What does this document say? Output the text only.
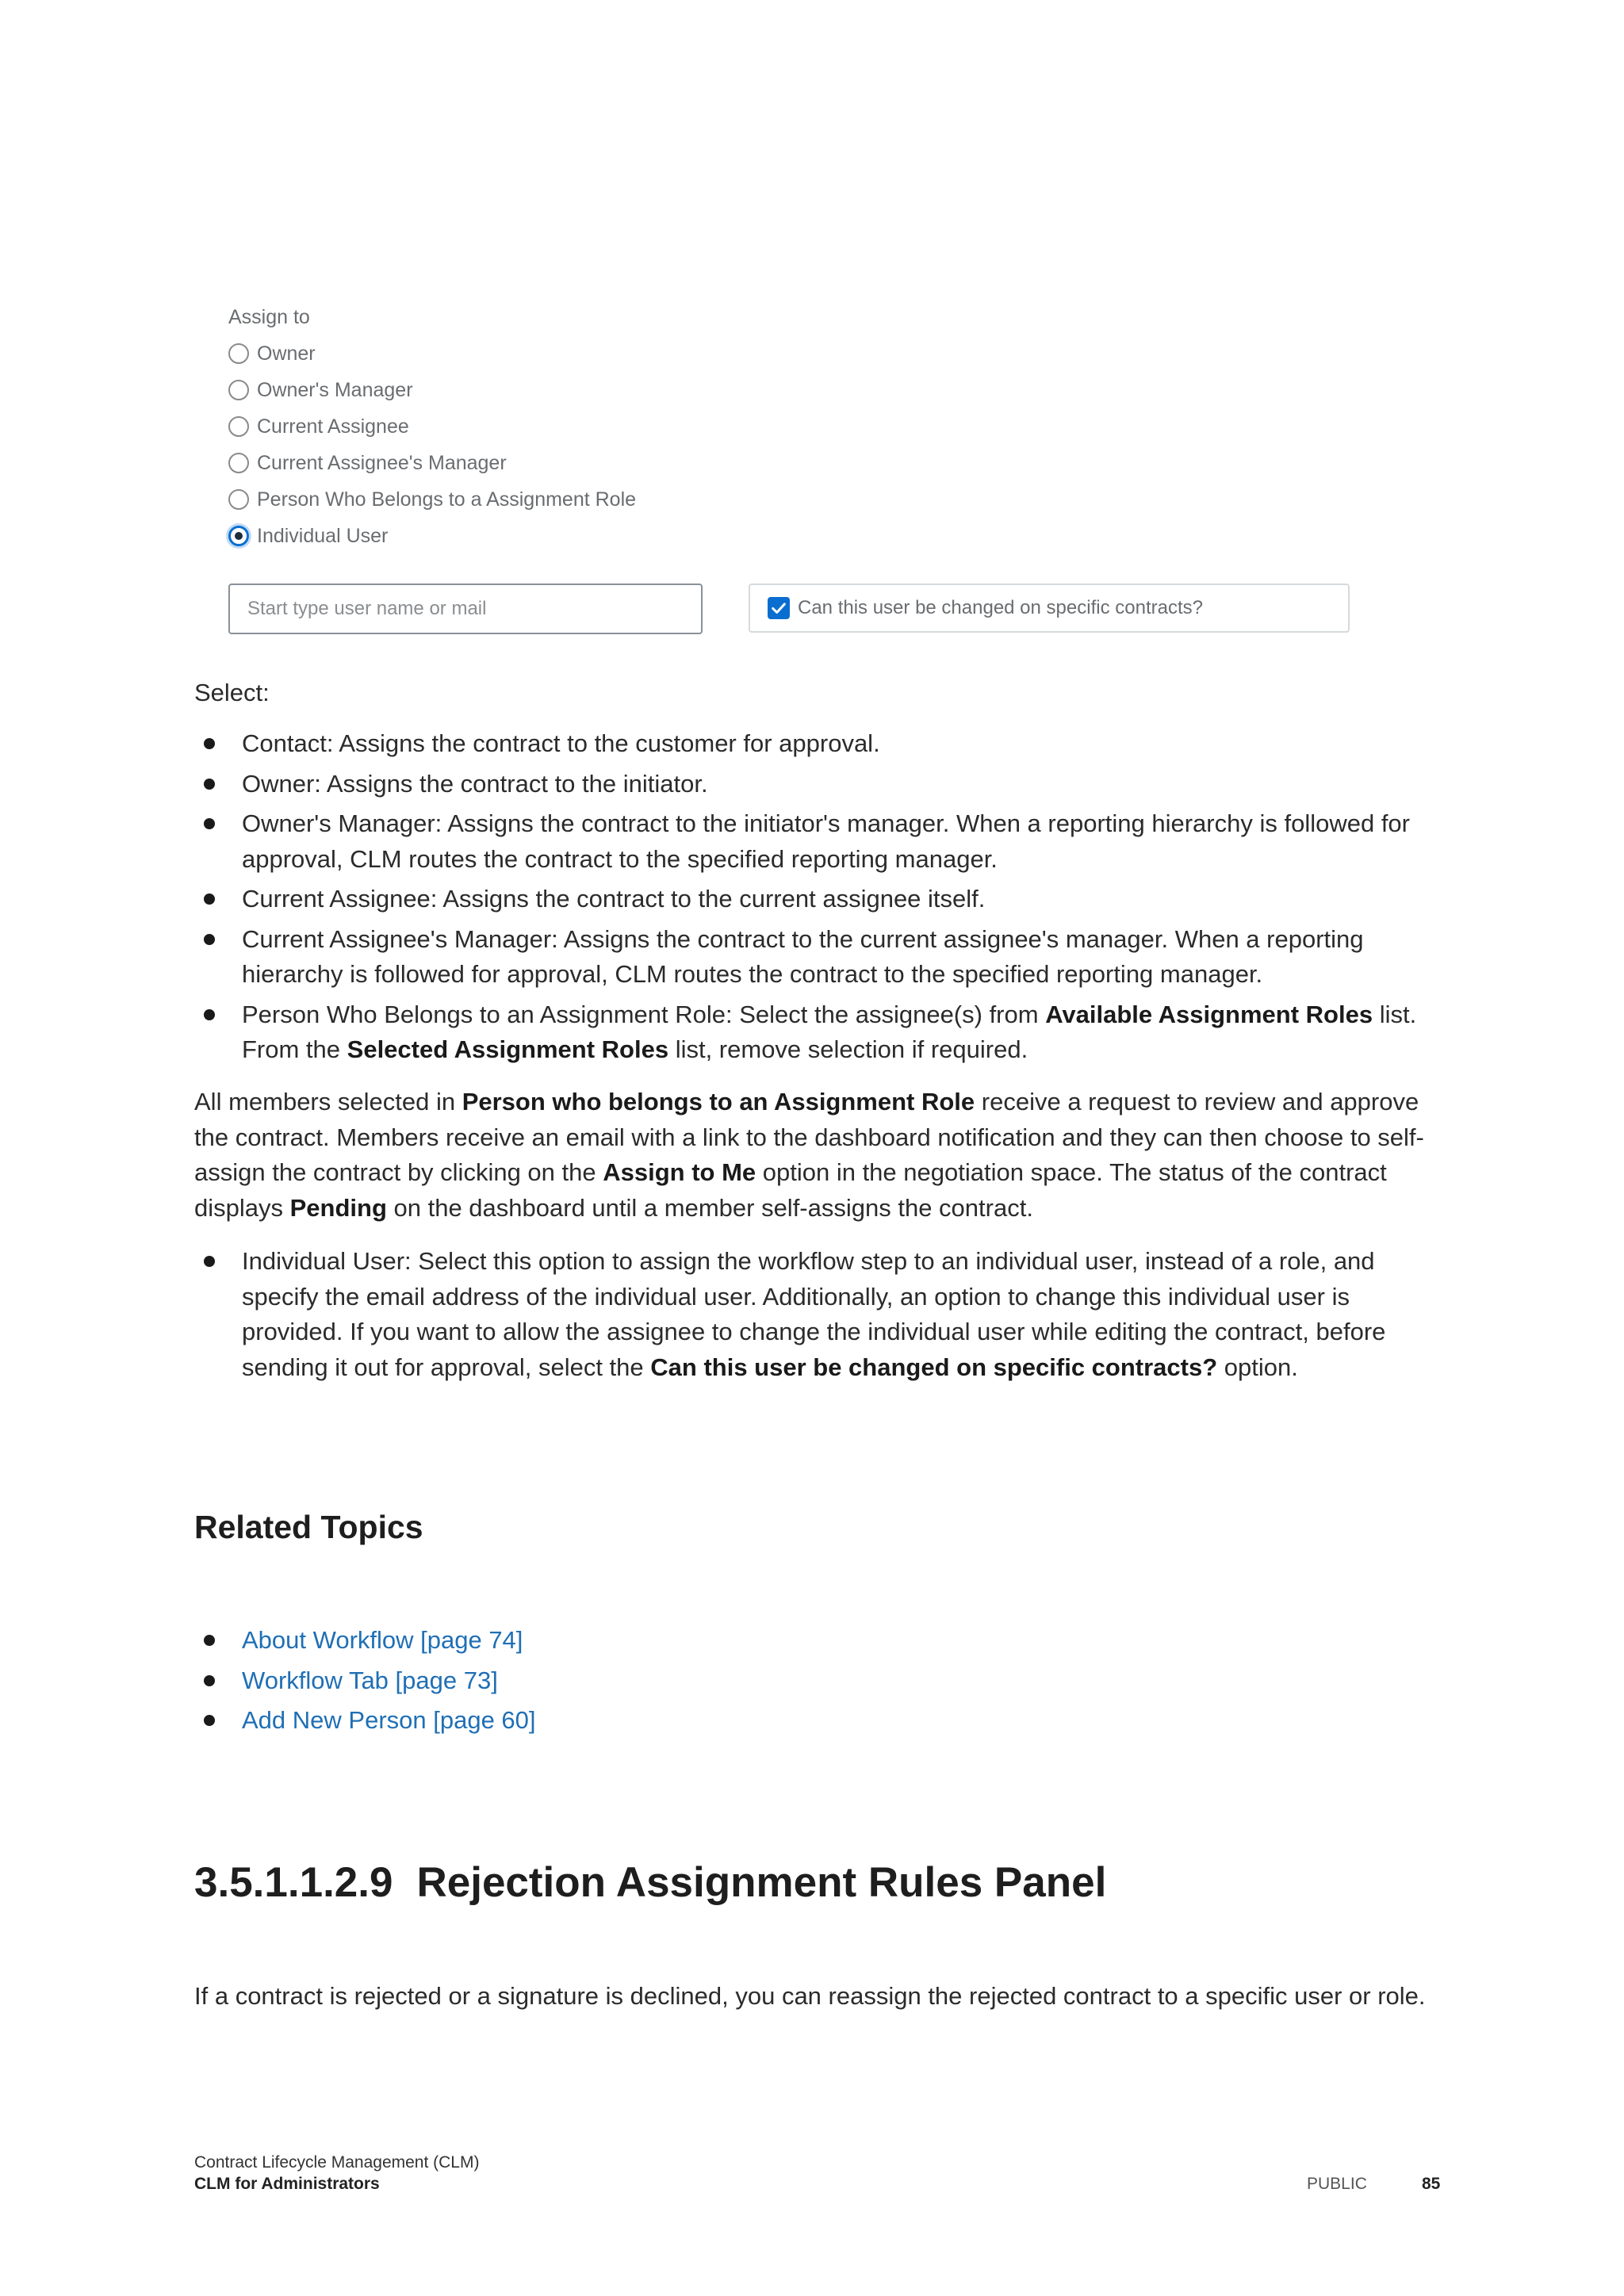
Assign to
Owner
Owner's Manager
Current Assignee
Current Assignee's Manager
Person Who Belongs to a Assignment Role
Individual User
Start type user name or mail
Can this user be changed on specific contracts?
Select:
Contact: Assigns the contract to the customer for approval.
Owner: Assigns the contract to the initiator.
Owner's Manager: Assigns the contract to the initiator's manager. When a reporting hierarchy is followed for approval, CLM routes the contract to the specified reporting manager.
Current Assignee: Assigns the contract to the current assignee itself.
Current Assignee's Manager: Assigns the contract to the current assignee's manager. When a reporting hierarchy is followed for approval, CLM routes the contract to the specified reporting manager.
Person Who Belongs to an Assignment Role: Select the assignee(s) from Available Assignment Roles list. From the Selected Assignment Roles list, remove selection if required.
All members selected in Person who belongs to an Assignment Role receive a request to review and approve the contract. Members receive an email with a link to the dashboard notification and they can then choose to self-assign the contract by clicking on the Assign to Me option in the negotiation space. The status of the contract displays Pending on the dashboard until a member self-assigns the contract.
Individual User: Select this option to assign the workflow step to an individual user, instead of a role, and specify the email address of the individual user. Additionally, an option to change this individual user is provided. If you want to allow the assignee to change the individual user while editing the contract, before sending it out for approval, select the Can this user be changed on specific contracts? option.
Related Topics
About Workflow [page 74]
Workflow Tab [page 73]
Add New Person [page 60]
3.5.1.1.2.9 Rejection Assignment Rules Panel
If a contract is rejected or a signature is declined, you can reassign the rejected contract to a specific user or role.
Contract Lifecycle Management (CLM)
CLM for Administrators	PUBLIC	85
